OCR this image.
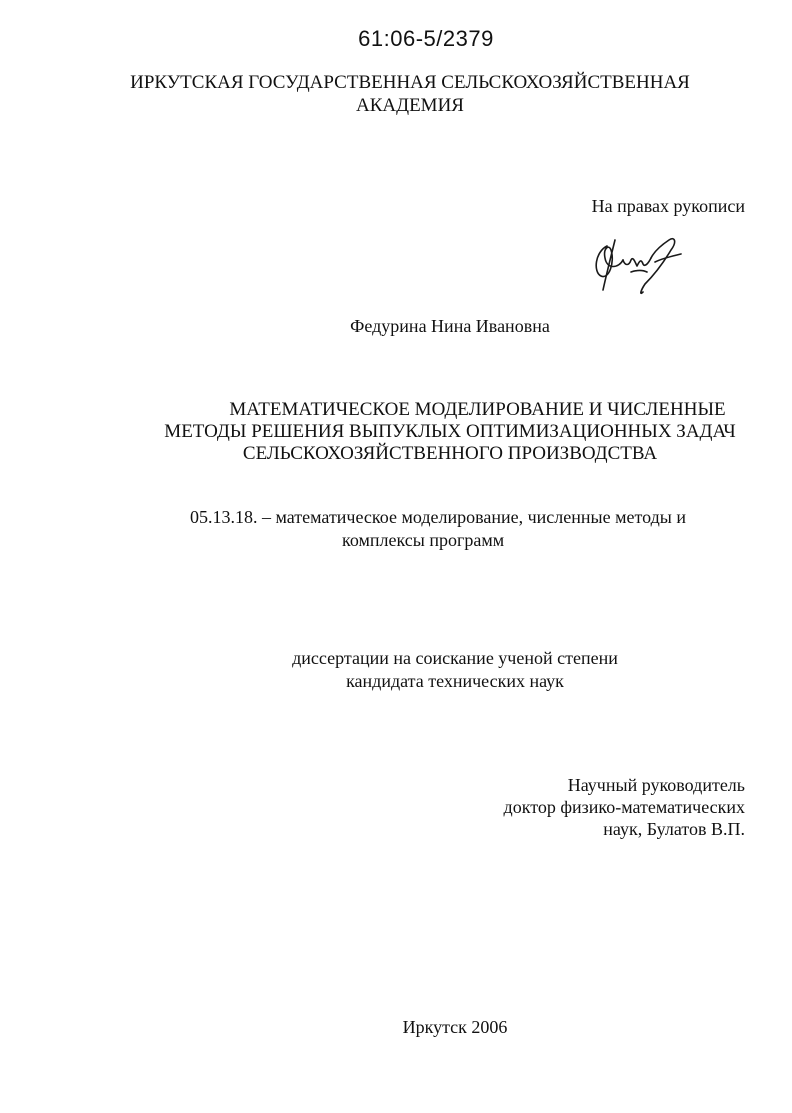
61:06-5/2379
ИРКУТСКАЯ ГОСУДАРСТВЕННАЯ СЕЛЬСКОХОЗЯЙСТВЕННАЯ
АКАДЕМИЯ
На правах рукописи
Федурина Нина Ивановна
МАТЕМАТИЧЕСКОЕ МОДЕЛИРОВАНИЕ И ЧИСЛЕННЫЕ
МЕТОДЫ РЕШЕНИЯ ВЫПУКЛЫХ ОПТИМИЗАЦИОННЫХ ЗАДАЧ
СЕЛЬСКОХОЗЯЙСТВЕННОГО ПРОИЗВОДСТВА
05.13.18. – математическое моделирование, численные методы и
комплексы программ
диссертации на соискание ученой степени
кандидата технических наук
Научный руководитель
доктор физико-математических
наук, Булатов В.П.
Иркутск 2006
